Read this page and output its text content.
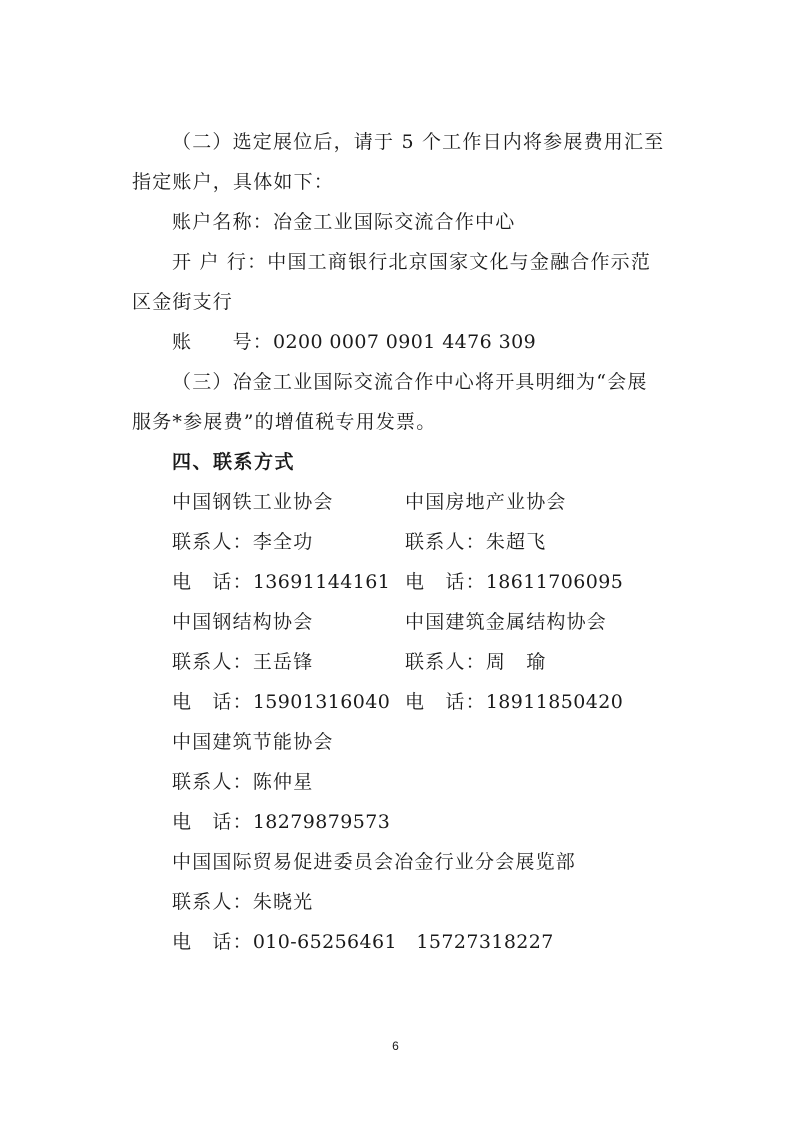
（二）选定展位后，请于 5 个工作日内将参展费用汇至
指定账户，具体如下：
账户名称：冶金工业国际交流合作中心
开 户 行：中国工商银行北京国家文化与金融合作示范
区金街支行
账　　号：0200 0007 0901 4476 309
（三）冶金工业国际交流合作中心将开具明细为“会展
服务*参展费”的增值税专用发票。
四、联系方式
中国钢铁工业协会	中国房地产业协会
联系人：李全功	联系人：朱超飞
电　话：13691144161 电　话：18611706095
中国钢结构协会	中国建筑金属结构协会
联系人：王岳锋	联系人：周　瑜
电　话：15901316040 电　话：18911850420
中国建筑节能协会
联系人：陈仲星
电　话：18279879573
中国国际贸易促进委员会冶金行业分会展览部
联系人：朱晓光
电　话：010-65256461　15727318227
6
